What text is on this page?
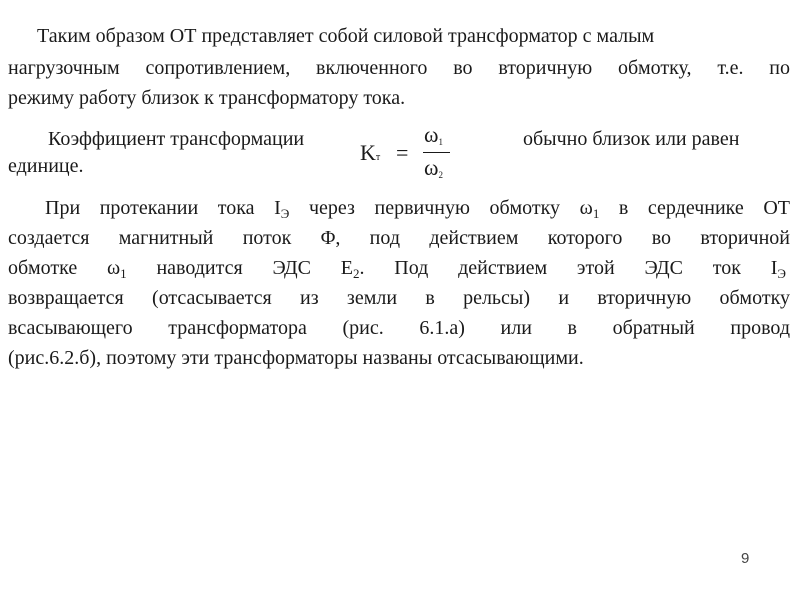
Таким образом ОТ представляет собой силовой трансформатор с малым
нагрузочным сопротивлением, включенного во вторичную обмотку, т.е. по
режиму работу близок к трансформатору тока.
Коэффициент трансформации	обычно близок или равен
единице.
Kт =
ω1
ω2
При протекании тока $I_Э$ через первичную обмотку $\omega_1$ в сердечнике ОТ
создается магнитный поток Φ, под действием которого во вторичной
обмотке $\omega_1$ наводится ЭДС $E_2$. Под действием этой ЭДС ток $I_Э$
возвращается (отсасывается из земли в рельсы) и вторичную обмотку
всасывающего трансформатора (рис. 6.1.а) или в обратный провод
(рис.6.2.б), поэтому эти трансформаторы названы отсасывающими.
9
